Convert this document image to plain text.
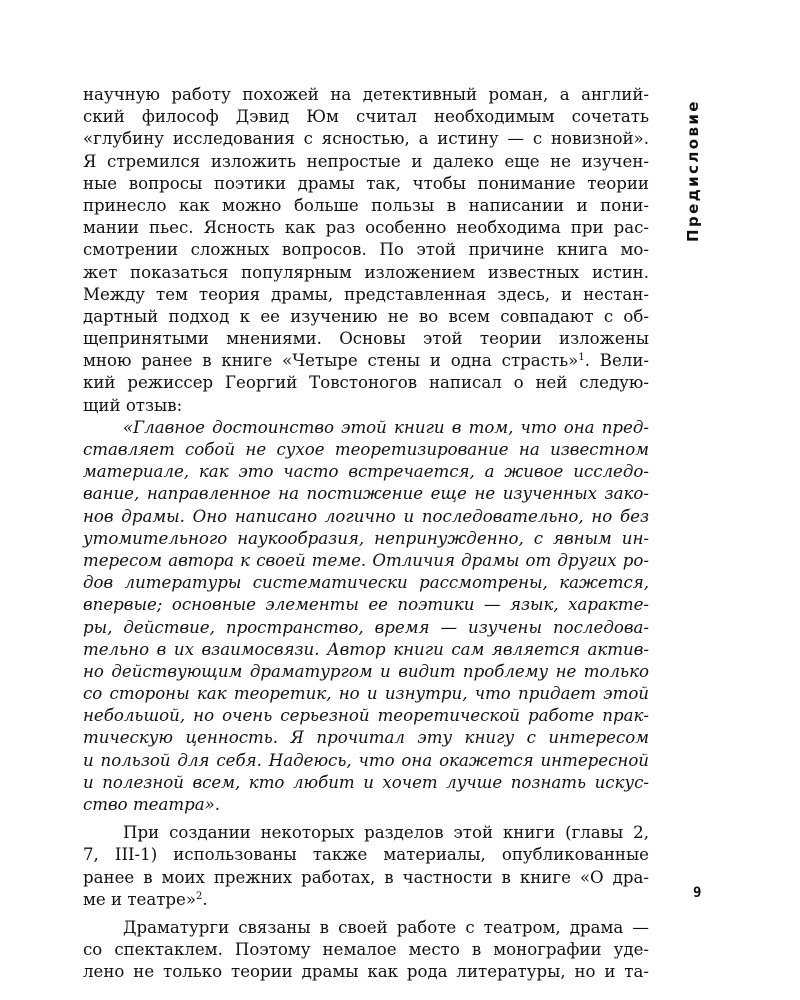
Предисловие
научную работу похожей на детективный роман, а англий-
ский философ Дэвид Юм считал необходимым сочетать
«глубину исследования с ясностью, а истину — с новизной».
Я стремился изложить непростые и далеко еще не изучен-
ные вопросы поэтики драмы так, чтобы понимание теории
принесло как можно больше пользы в написании и пони-
мании пьес. Ясность как раз особенно необходима при рас-
смотрении сложных вопросов. По этой причине книга мо-
жет показаться популярным изложением известных истин.
Между тем теория драмы, представленная здесь, и нестан-
дартный подход к ее изучению не во всем совпадают с об-
щепринятыми мнениями. Основы этой теории изложены
мною ранее в книге «Четыре стены и одна страсть»$^1$. Вели-
кий режиссер Георгий Товстоногов написал о ней следую-
щий отзыв:
«Главное достоинство этой книги в том, что она пред-
ставляет собой не сухое теоретизирование на известном
материале, как это часто встречается, а живое исследо-
вание, направленное на постижение еще не изученных зако-
нов драмы. Оно написано логично и последовательно, но без
утомительного наукообразия, непринужденно, с явным ин-
тересом автора к своей теме. Отличия драмы от других ро-
дов литературы систематически рассмотрены, кажется,
впервые; основные элементы ее поэтики — язык, характе-
ры, действие, пространство, время — изучены последова-
тельно в их взаимосвязи. Автор книги сам является актив-
но действующим драматургом и видит проблему не только
со стороны как теоретик, но и изнутри, что придает этой
небольшой, но очень серьезной теоретической работе прак-
тическую ценность. Я прочитал эту книгу с интересом
и пользой для себя. Надеюсь, что она окажется интересной
и полезной всем, кто любит и хочет лучше познать искус-
ство театра».
При создании некоторых разделов этой книги (главы 2,
7, III-1) использованы также материалы, опубликованные
ранее в моих прежних работах, в частности в книге «О дра-
ме и театре»$^2$.
Драматурги связаны в своей работе с театром, драма —
со спектаклем. Поэтому немалое место в монографии уде-
лено не только теории драмы как рода литературы, но и та-
9
